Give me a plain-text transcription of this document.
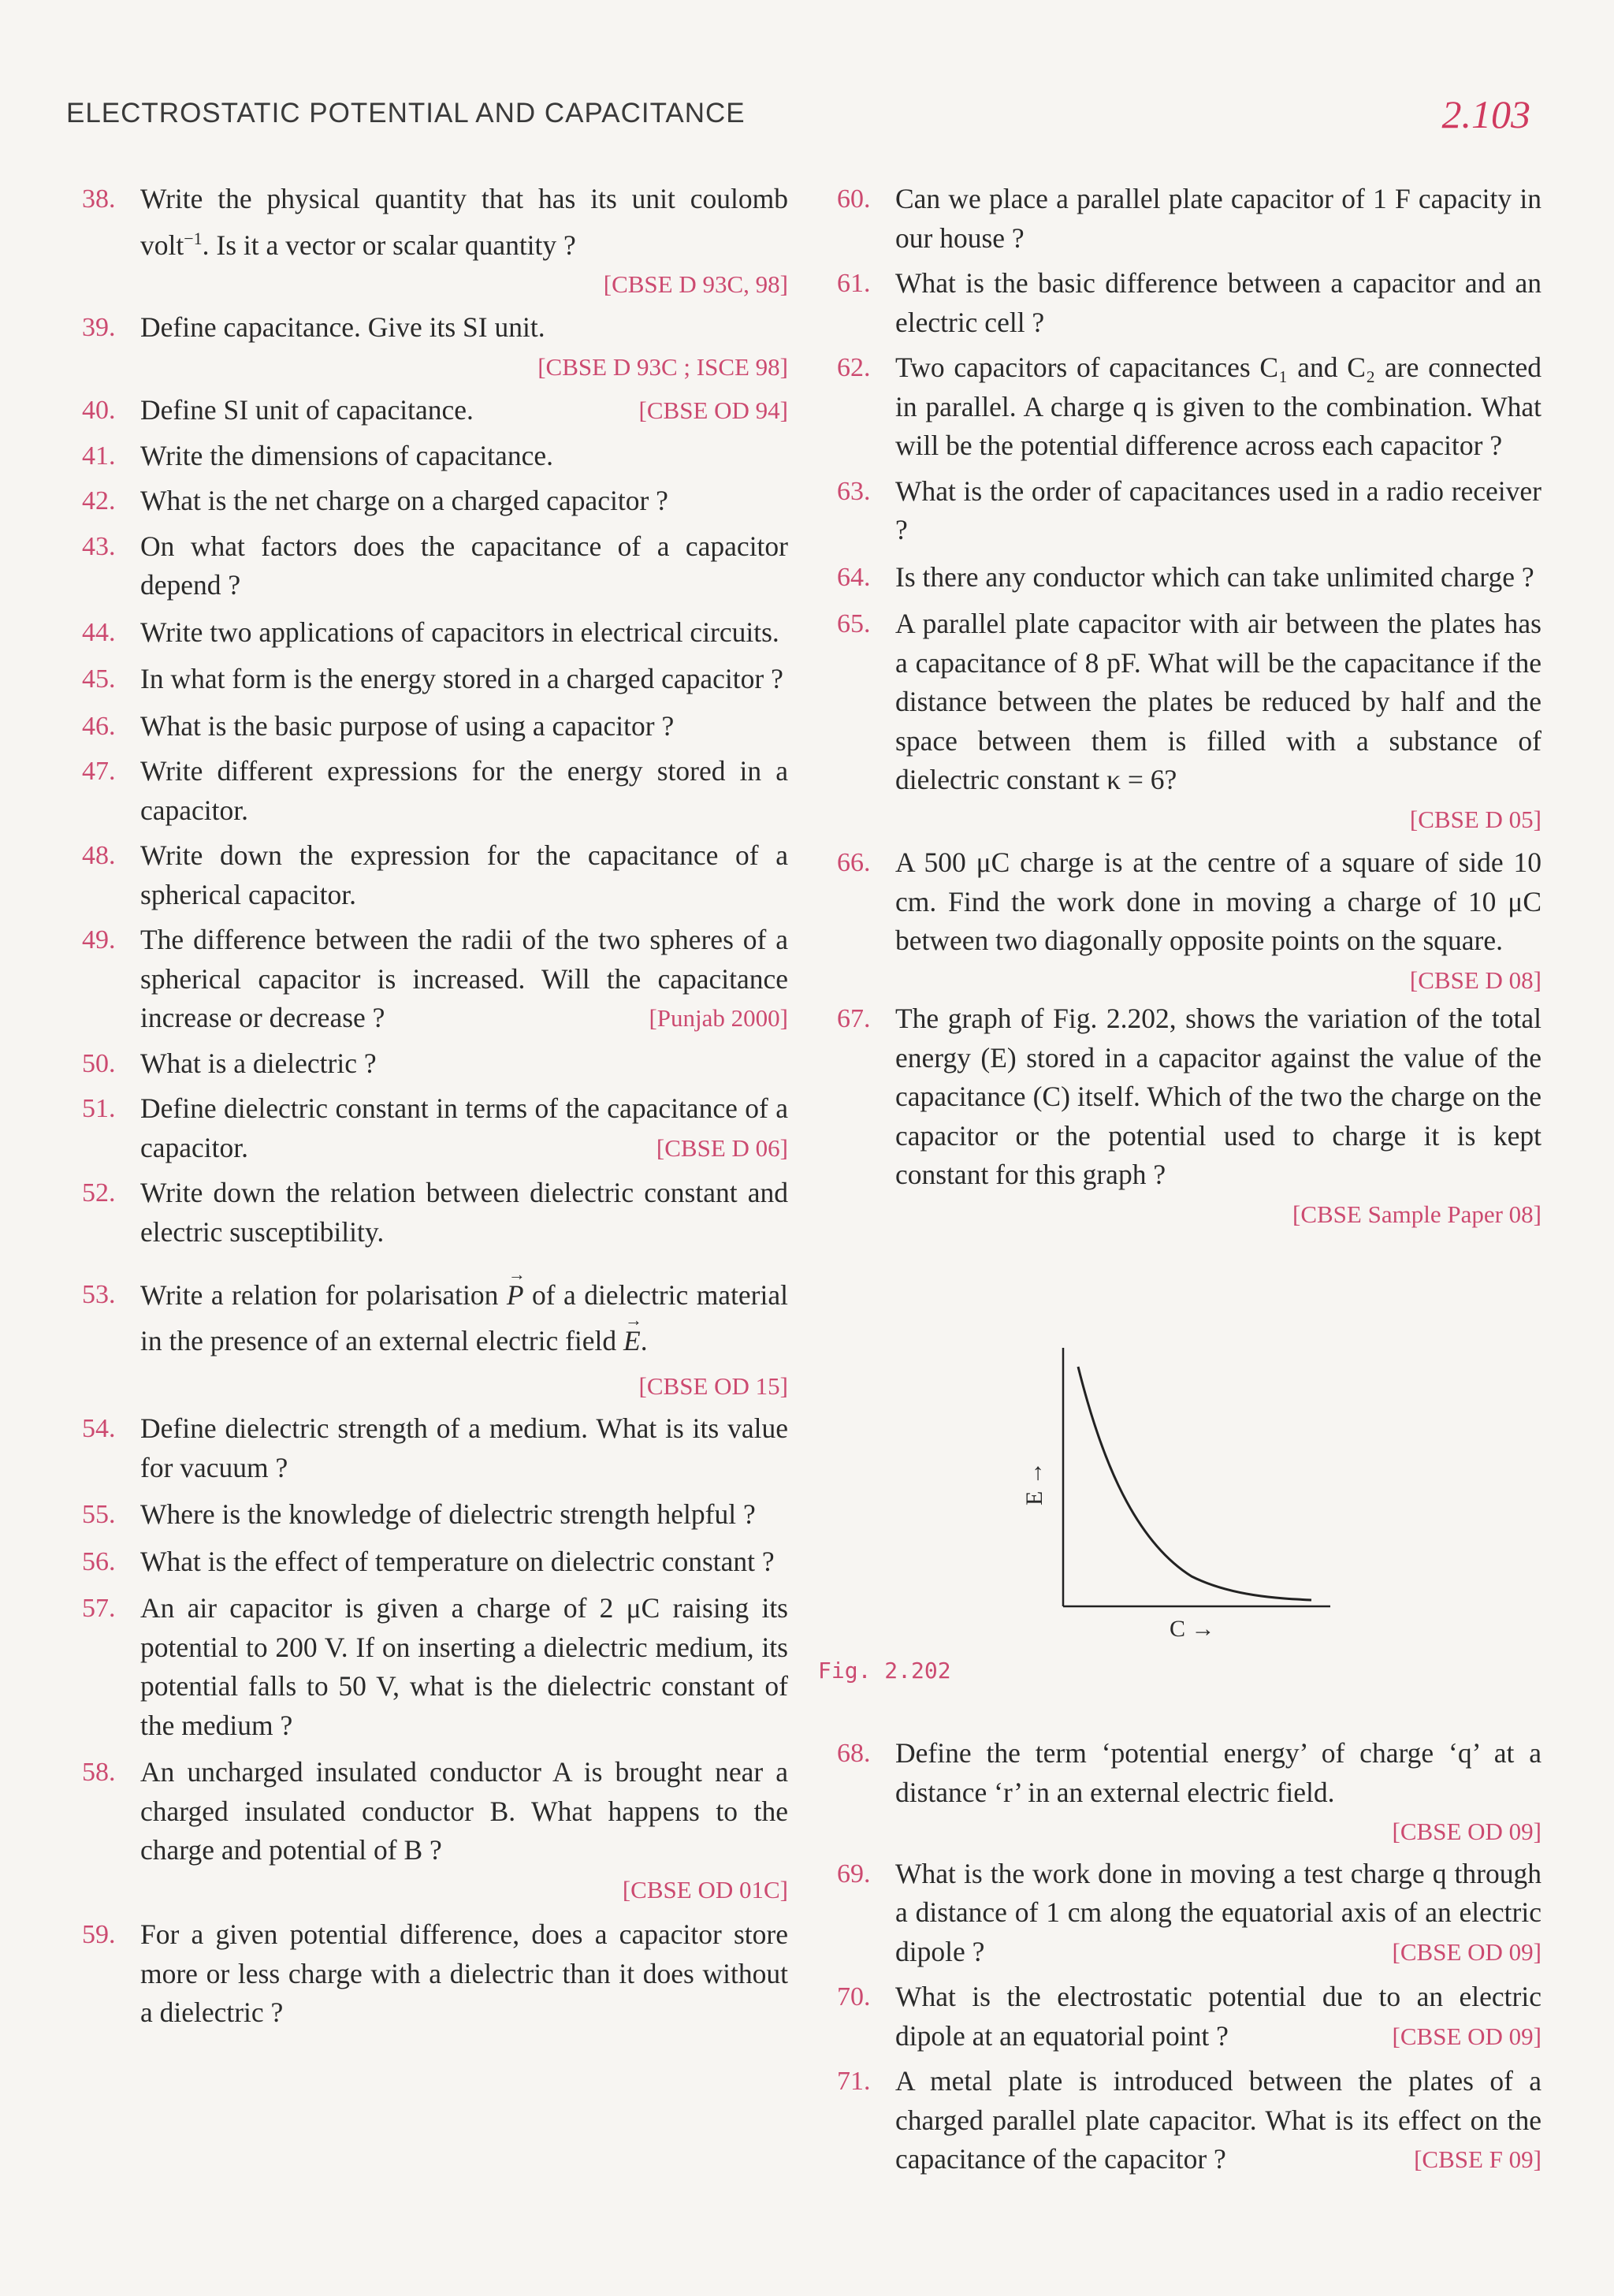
ELECTROSTATIC POTENTIAL AND CAPACITANCE	2.103
38. Write the physical quantity that has its unit coulomb volt$^{-1}$. Is it a vector or scalar quantity ?
[CBSE D 93C, 98]
39. Define capacitance. Give its SI unit.
[CBSE D 93C ; ISCE 98]
40.	[CBSE OD 94]
Define SI unit of capacitance.
41. Write the dimensions of capacitance.
42. What is the net charge on a charged capacitor ?
43. On what factors does the capacitance of a capacitor depend ?
44. Write two applications of capacitors in electrical circuits.
45. In what form is the energy stored in a charged capacitor ?
46. What is the basic purpose of using a capacitor ?
47. Write different expressions for the energy stored in a capacitor.
48. Write down the expression for the capacitance of a spherical capacitor.
49. The difference between the radii of the two spheres of a spherical capacitor is increased. Will the capacitance increase or decrease ?	[Punjab 2000]
50. What is a dielectric ?
51. Define dielectric constant in terms of the capacitance of a capacitor.	[CBSE D 06]
52. Write down the relation between dielectric constant and electric susceptibility.
53. Write a relation for polarisation → P of a dielectric material in the presence of an external electric field → E.
[CBSE OD 15]
54. Define dielectric strength of a medium. What is its value for vacuum ?
55. Where is the knowledge of dielectric strength helpful ?
56. What is the effect of temperature on dielectric constant ?
57. An air capacitor is given a charge of 2 μC raising its potential to 200 V. If on inserting a dielectric medium, its potential falls to 50 V, what is the dielectric constant of the medium ?
58. An uncharged insulated conductor A is brought near a charged insulated conductor B. What happens to the charge and potential of B ?
[CBSE OD 01C]
59. For a given potential difference, does a capacitor store more or less charge with a dielectric than it does without a dielectric ?
60. Can we place a parallel plate capacitor of 1 F capacity in our house ?
61. What is the basic difference between a capacitor and an electric cell ?
62. Two capacitors of capacitances C₁ and C₂ are connected in parallel. A charge q is given to the combination. What will be the potential difference across each capacitor ?
63. What is the order of capacitances used in a radio receiver ?
64. Is there any conductor which can take unlimited charge ?
65. A parallel plate capacitor with air between the plates has a capacitance of 8 pF. What will be the capacitance if the distance between the plates be reduced by half and the space between them is filled with a substance of dielectric constant κ = 6?
[CBSE D 05]
66. A 500 μC charge is at the centre of a square of side 10 cm. Find the work done in moving a charge of 10 μC between two diagonally opposite points on the square.
[CBSE D 08]
67. The graph of Fig. 2.202, shows the variation of the total energy (E) stored in a capacitor against the value of the capacitance (C) itself. Which of the two the charge on the capacitor or the potential used to charge it is kept constant for this graph ?
[CBSE Sample Paper 08]
E →
C →
Fig. 2.202
68. Define the term ‘potential energy’ of charge ‘q’ at a distance ‘r’ in an external electric field.
[CBSE OD 09]
69. What is the work done in moving a test charge q through a distance of 1 cm along the equatorial axis of an electric dipole ?	[CBSE OD 09]
70. What is the electrostatic potential due to an electric dipole at an equatorial point ?	[CBSE OD 09]
71. A metal plate is introduced between the plates of a charged parallel plate capacitor. What is its effect on the capacitance of the capacitor ?	[CBSE F 09]
